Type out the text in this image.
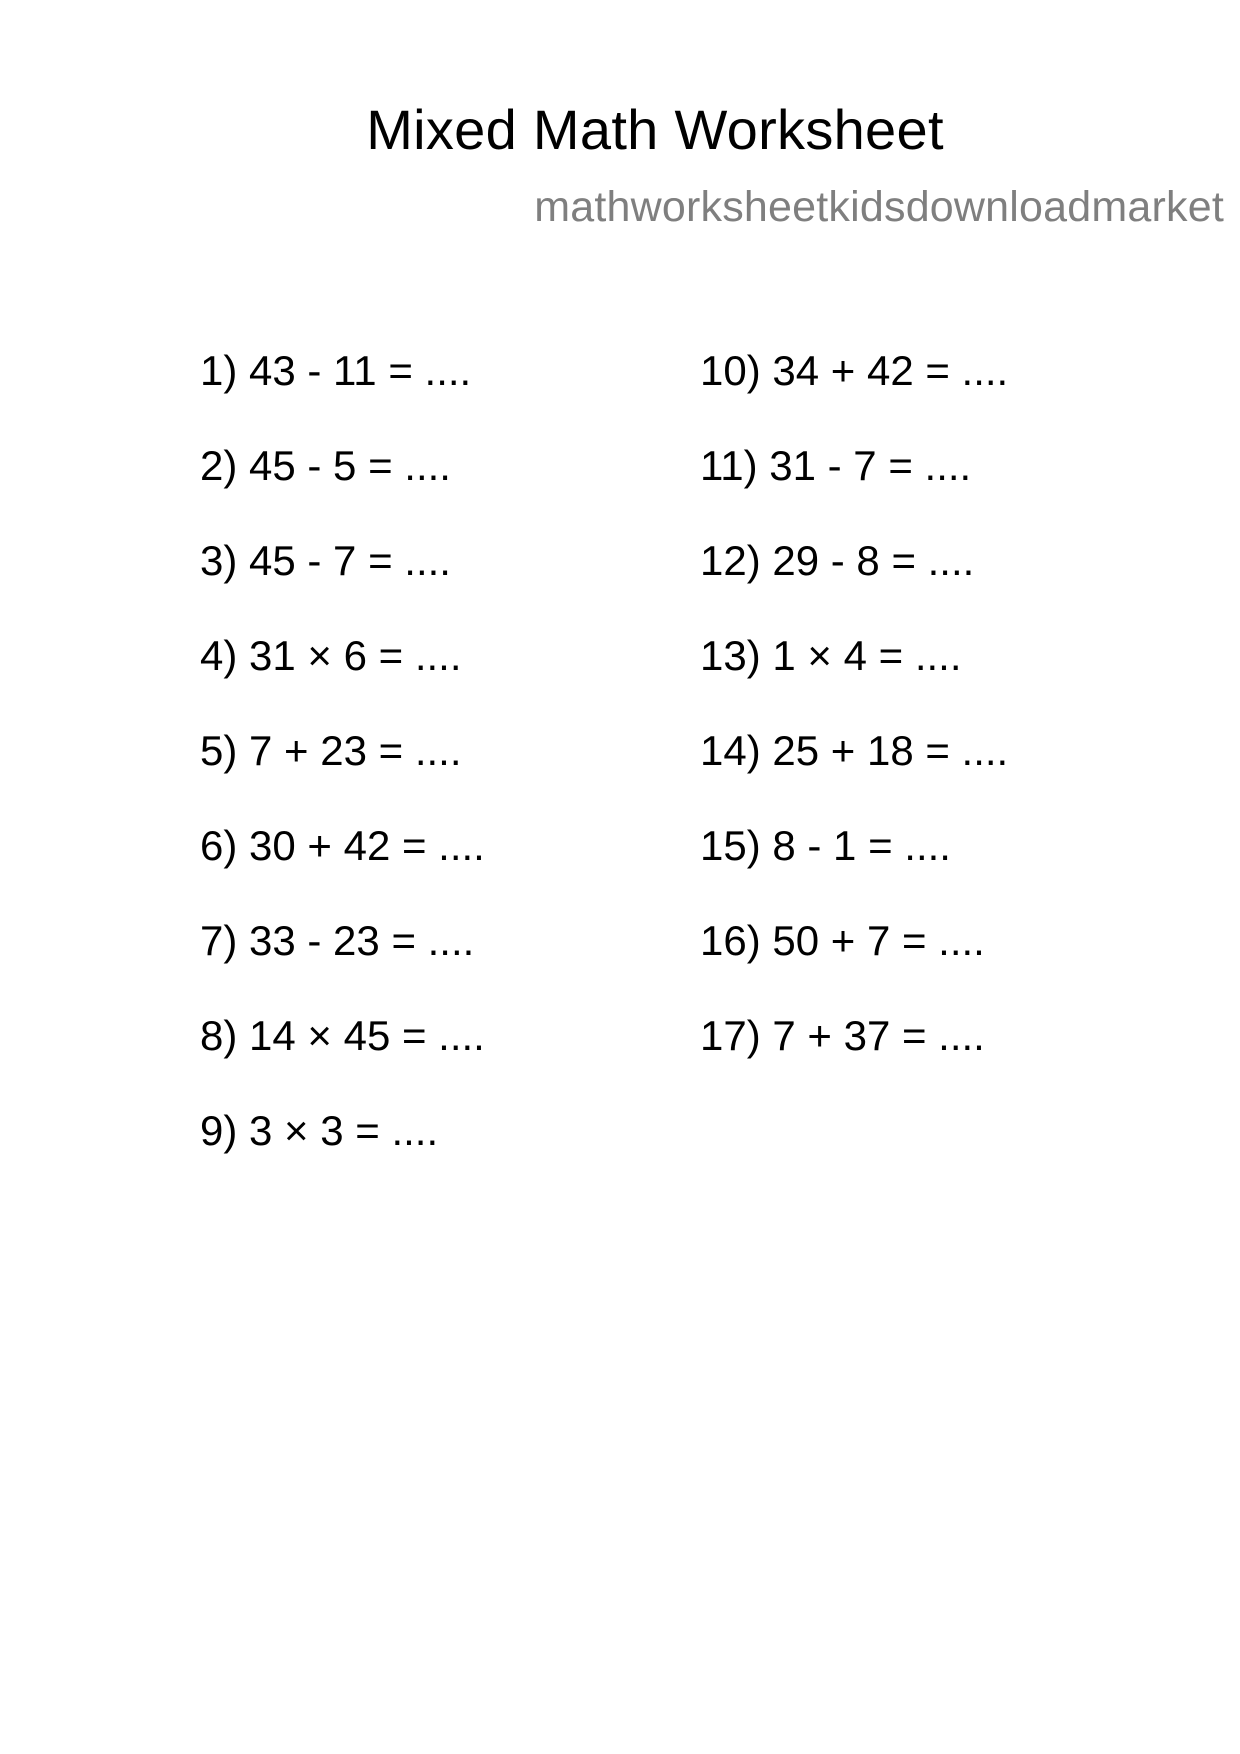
Mixed Math Worksheet
mathworksheetkidsdownloadmarket
1) 43 - 11 = ....
2) 45 - 5 = ....
3) 45 - 7 = ....
4) 31 × 6 = ....
5) 7 + 23 = ....
6) 30 + 42 = ....
7) 33 - 23 = ....
8) 14 × 45 = ....
9) 3 × 3 = ....
10) 34 + 42 = ....
11) 31 - 7 = ....
12) 29 - 8 = ....
13) 1 × 4 = ....
14) 25 + 18 = ....
15) 8 - 1 = ....
16) 50 + 7 = ....
17) 7 + 37 = ....
